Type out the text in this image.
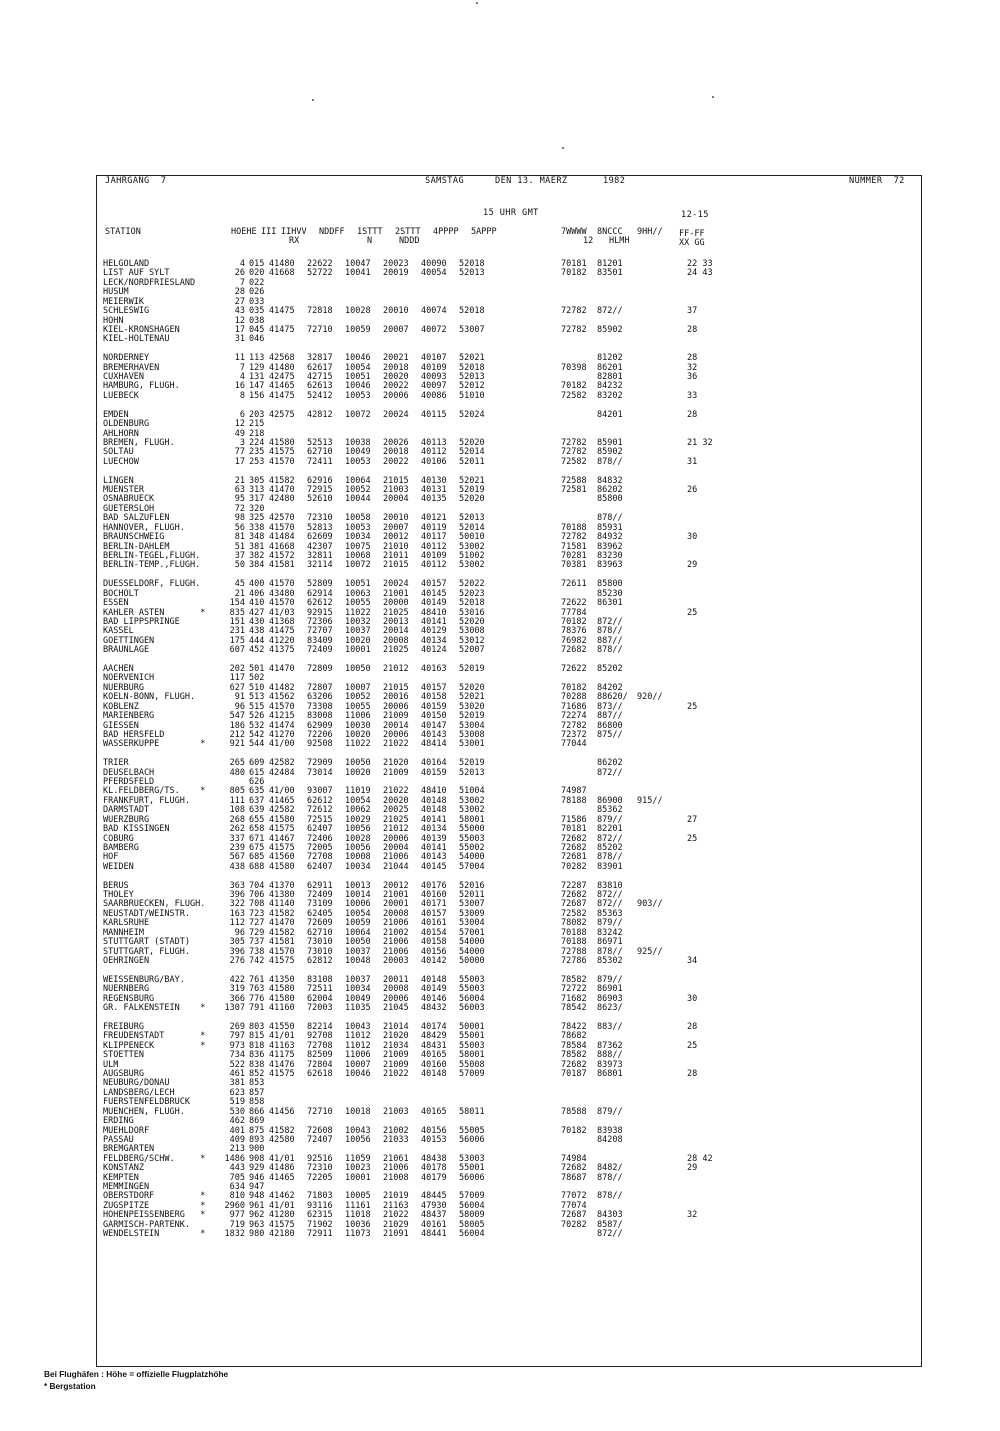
JAHRGANG  7	SAMSTAG	DEN 13. MAERZ	1982	NUMMER  72
15 UHR GMT	12-15
STATION	HOEHE III IIHVV NDDFF 1STTT 2STTT 4PPPP 5APPP	7WWWW 8NCCC 9HH// FF-FF
RX	N	NDDD	12 HLMH	XX GG
HELGOLAND	4 015 41480 22622 10047 20023 40090 52018	70181 81201	22 33
LIST AUF SYLT	26 020 41668 52722 10041 20019 40054 52013	70182 83501	24 43
LECK/NORDFRIESLAND	7 022
HUSUM	28 026
MEIERWIK	27 033
SCHLESWIG	43 035 41475 72818 10028 20010 40074 52018	72782 872//	37
HOHN	12 038
KIEL-KRONSHAGEN	17 045 41475 72710 10059 20007 40072 53007	72782 85902	28
KIEL-HOLTENAU	31 046
NORDERNEY	11 113 42568 32817 10046 20021 40107 52021	81202	28
BREMERHAVEN	7 129 41480 62617 10054 20018 40109 52018	70398 86201	32
CUXHAVEN	4 131 42475 42715 10051 20020 40093 52013	82801	36
HAMBURG, FLUGH.	16 147 41465 62613 10046 20022 40097 52012	70182 84232
LUEBECK	8 156 41475 52412 10053 20006 40086 51010	72582 83202	33
EMDEN	6 203 42575 42812 10072 20024 40115 52024	84201	28
OLDENBURG	12 215
AHLHORN	49 218
BREMEN, FLUGH.	3 224 41580 52513 10038 20026 40113 52020	72782 85901	21 32
SOLTAU	77 235 41575 62710 10049 20018 40112 52014	72782 85902
LUECHOW	17 253 41570 72411 10053 20022 40106 52011	72582 878//	31
LINGEN	21 305 41582 62916 10064 21015 40130 52021	72588 84832
MUENSTER	63 313 41470 72915 10052 21003 40131 52019	72581 86202	26
OSNABRUECK	95 317 42480 52610 10044 20004 40135 52020	85800
GUETERSLOH	72 320
BAD SALZUFLEN	98 325 42570 72310 10058 20010 40121 52013	878//
HANNOVER, FLUGH.	56 338 41570 52813 10053 20007 40119 52014	70188 85931
BRAUNSCHWEIG	81 348 41484 62609 10034 20012 40117 50010	72782 84932	30
BERLIN-DAHLEM	51 381 41668 42307 10075 21010 40112 53002	71581 83962
BERLIN-TEGEL,FLUGH.	37 382 41572 32811 10068 21011 40109 51002	70281 83230
BERLIN-TEMP.,FLUGH.	50 384 41581 32114 10072 21015 40112 53002	70381 83963	29
DUESSELDORF, FLUGH.	45 400 41570 52809 10051 20024 40157 52022	72611 85800
BOCHOLT	21 406 43480 62914 10063 21001 40145 52023	85230
ESSEN	154 410 41570 62612 10055 20000 40149 52018	72622 86301
KAHLER ASTEN       *	835 427 41/03 92915 11022 21025 48410 53016	77784	25
BAD LIPPSPRINGE	151 430 41368 72306 10032 20013 40141 52020	70182 872//
KASSEL	231 438 41475 72707 10037 20014 40129 53008	78376 878//
GOETTINGEN	175 444 41220 83409 10020 20008 40134 53012	76982 887//
BRAUNLAGE	607 452 41375 72409 10001 21025 40124 52007	72682 878//
AACHEN	202 501 41470 72809 10050 21012 40163 52019	72622 85202
NOERVENICH	117 502
NUERBURG	627 510 41482 72807 10007 21015 40157 52020	70182 84202
KOELN-BONN, FLUGH.	91 513 41562 63206 10052 20016 40158 52021	70288 88620/ 920//
KOBLENZ	96 515 41570 73308 10055 20006 40159 53020	71686 873//	25
MARIENBERG	547 526 41215 83008 11006 21009 40150 52019	72274 887//
GIESSEN	186 532 41474 62909 10030 20014 40147 53004	72782 86800
BAD HERSFELD	212 542 41270 72206 10020 20006 40143 53008	72372 875//
WASSERKUPPE        *	921 544 41/00 92508 11022 21022 48414 53001	77044
TRIER	265 609 42582 72909 10050 21020 40164 52019	86202
DEUSELBACH	480 615 42484 73014 10020 21009 40159 52013	872//
PFERDSFELD	626
KL.FELDBERG/TS.    *	805 635 41/00 93007 11019 21022 48410 51004	74987
FRANKFURT, FLUGH.	111 637 41465 62612 10054 20020 40148 53002	78188 86900 915//
DARMSTADT	108 639 42582 72612 10062 20025 40148 53002	85362
WUERZBURG	268 655 41580 72515 10029 21025 40141 58001	71586 879//	27
BAD KISSINGEN	262 658 41575 62407 10056 21012 40134 55000	70181 82201
COBURG	337 671 41467 72406 10028 20006 40139 55003	72682 872//	25
BAMBERG	239 675 41575 72005 10056 20004 40141 55002	72682 85202
HOF	567 685 41560 72708 10008 21006 40143 54000	72681 878//
WEIDEN	438 688 41580 62407 10034 21044 40145 57004	70282 83901
BERUS	363 704 41370 62911 10013 20012 40176 52016	72287 83810
THOLEY	396 706 41380 72409 10014 21001 40160 52011	72682 872//
SAARBRUECKEN, FLUGH.	322 708 41140 73109 10006 20001 40171 53007	72687 872// 903//
NEUSTADT/WEINSTR.	163 723 41582 62405 10054 20008 40157 53009	72582 85363
KARLSRUHE	112 727 41470 72609 10059 21006 40161 53004	78082 879//
MANNHEIM	96 729 41582 62710 10064 21002 40154 57001	70188 83242
STUTTGART (STADT)	305 737 41581 73010 10050 21006 40158 54000	70188 86971
STUTTGART, FLUGH.	396 738 41570 73010 10037 21006 40156 54000	72788 878// 925//
OEHRINGEN	276 742 41575 62812 10048 20003 40142 50000	72786 85302	34
WEISSENBURG/BAY.	422 761 41350 83108 10037 20011 40148 55003	78582 879//
NUERNBERG	319 763 41580 72511 10034 20008 40149 55003	72722 86901
REGENSBURG	366 776 41580 62004 10049 20006 40146 56004	71682 86903	30
GR. FALKENSTEIN    *	1307 791 41160 72003 11035 21045 48432 56003	78542 8623/
FREIBURG	269 803 41550 82214 10043 21014 40174 50001	78422 883//	28
FREUDENSTADT       *	797 815 41/01 92708 11012 21020 48429 55001	78682
KLIPPENECK         *	973 818 41163 72708 11012 21034 48431 55003	78584 87362	25
STOETTEN	734 836 41175 82509 11006 21009 40165 58001	78582 888//
ULM	522 838 41476 72804 10007 21009 40160 55008	72682 83973
AUGSBURG	461 852 41575 62618 10046 21022 40148 57009	70187 86801	28
NEUBURG/DONAU	381 853
LANDSBERG/LECH	623 857
FUERSTENFELDBRUCK	519 858
MUENCHEN, FLUGH.	530 866 41456 72710 10018 21003 40165 58011	78588 879//
ERDING	462 869
MUEHLDORF	401 875 41582 72608 10043 21002 40156 55005	70182 83938
PASSAU	409 893 42580 72407 10056 21033 40153 56006	84208
BREMGARTEN	213 900
FELDBERG/SCHW.     *	1486 908 41/01 92516 11059 21061 48438 53003	74984	28 42
KONSTANZ	443 929 41486 72310 10023 21006 40178 55001	72682 8482/	29
KEMPTEN	705 946 41465 72205 10001 21008 40179 56006	78687 878//
MEMMINGEN	634 947
OBERSTDORF         *	810 948 41462 71803 10005 21019 48445 57009	77072 878//
ZUGSPITZE          *	2960 961 41/01 93116 11161 21163 47930 56004	77074
HOHENPEISSENBERG   *	977 962 41280 62315 11018 21022 48437 58009	72687 84303	32
GARMISCH-PARTENK.	719 963 41575 71902 10036 21029 40161 58005	70282 8587/
WENDELSTEIN        *	1832 980 42180 72911 11073 21091 48441 56004	872//
Bei Flughäfen : Höhe = offizielle Flugplatzhöhe
* Bergstation
